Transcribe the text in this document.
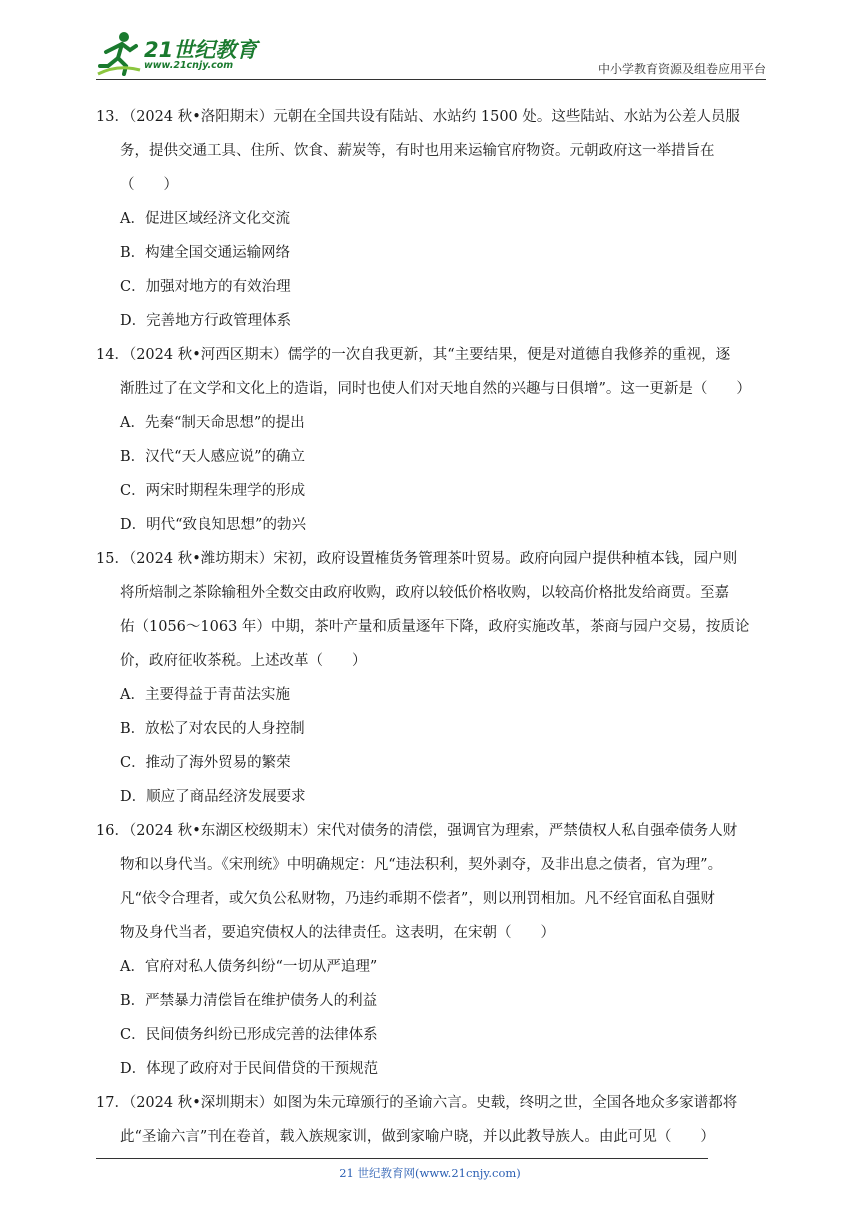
21世纪教育
www.21cnjy.com	中小学教育资源及组卷应用平台
13．（2024 秋•洛阳期末）元朝在全国共设有陆站、水站约 1500 处。这些陆站、水站为公差人员服
务，提供交通工具、住所、饮食、薪炭等，有时也用来运输官府物资。元朝政府这一举措旨在
（　　）
A．促进区域经济文化交流
B．构建全国交通运输网络
C．加强对地方的有效治理
D．完善地方行政管理体系
14．（2024 秋•河西区期末）儒学的一次自我更新，其“主要结果，便是对道德自我修养的重视，逐
渐胜过了在文学和文化上的造诣，同时也使人们对天地自然的兴趣与日俱增”。这一更新是（　　）
A．先秦“制天命思想”的提出
B．汉代“天人感应说”的确立
C．两宋时期程朱理学的形成
D．明代“致良知思想”的勃兴
15．（2024 秋•潍坊期末）宋初，政府设置榷货务管理茶叶贸易。政府向园户提供种植本钱，园户则
将所焙制之茶除输租外全数交由政府收购，政府以较低价格收购，以较高价格批发给商贾。至嘉
佑（1056～1063 年）中期，茶叶产量和质量逐年下降，政府实施改革，茶商与园户交易，按质论
价，政府征收茶税。上述改革（　　）
A．主要得益于青苗法实施
B．放松了对农民的人身控制
C．推动了海外贸易的繁荣
D．顺应了商品经济发展要求
16．（2024 秋•东湖区校级期末）宋代对债务的清偿，强调官为理索，严禁债权人私自强牵债务人财
物和以身代当。《宋刑统》中明确规定：凡“违法积利，契外剥夺，及非出息之债者，官为理”。
凡“依令合理者，或欠负公私财物，乃违约乖期不偿者”，则以刑罚相加。凡不经官面私自强财
物及身代当者，要追究债权人的法律责任。这表明，在宋朝（　　）
A．官府对私人债务纠纷“一切从严追理”
B．严禁暴力清偿旨在维护债务人的利益
C．民间债务纠纷已形成完善的法律体系
D．体现了政府对于民间借贷的干预规范
17．（2024 秋•深圳期末）如图为朱元璋颁行的圣谕六言。史载，终明之世，全国各地众多家谱都将
此“圣谕六言”刊在卷首，载入族规家训，做到家喻户晓，并以此教导族人。由此可见（　　）
21 世纪教育网(www.21cnjy.com)
